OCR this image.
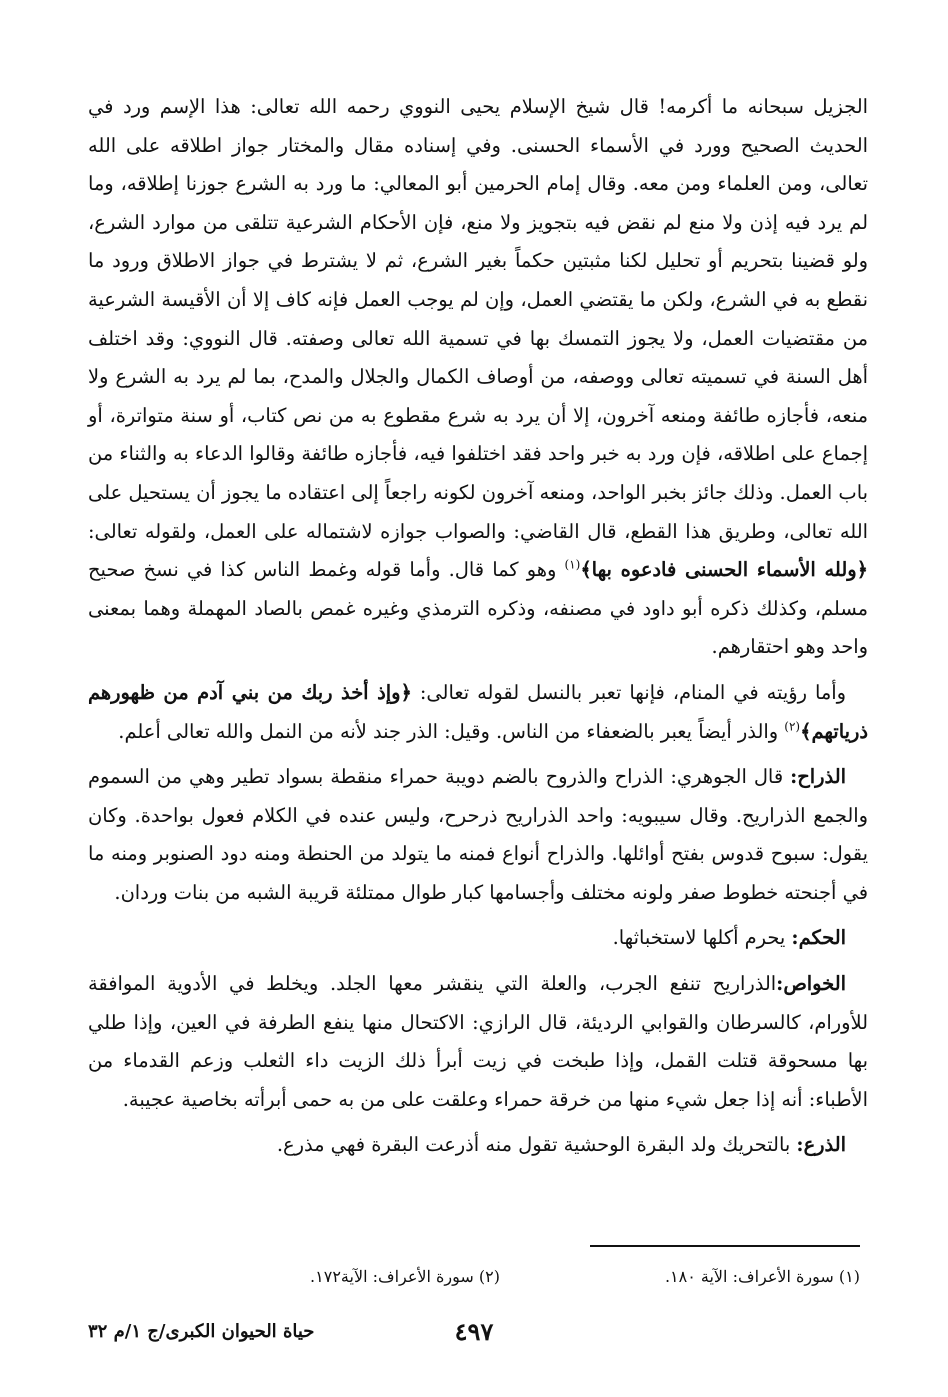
الجزيل سبحانه ما أكرمه! قال شيخ الإسلام يحيى النووي رحمه الله تعالى: هذا الإسم ورد في الحديث الصحيح وورد في الأسماء الحسنى. وفي إسناده مقال والمختار جواز اطلاقه على الله تعالى، ومن العلماء ومن معه. وقال إمام الحرمين أبو المعالي: ما ورد به الشرع جوزنا إطلاقه، وما لم يرد فيه إذن ولا منع لم نقض فيه بتجويز ولا منع، فإن الأحكام الشرعية تتلقى من موارد الشرع، ولو قضينا بتحريم أو تحليل لكنا مثبتين حكماً بغير الشرع، ثم لا يشترط في جواز الاطلاق ورود ما نقطع به في الشرع، ولكن ما يقتضي العمل، وإن لم يوجب العمل فإنه كاف إلا أن الأقيسة الشرعية من مقتضيات العمل، ولا يجوز التمسك بها في تسمية الله تعالى وصفته. قال النووي: وقد اختلف أهل السنة في تسميته تعالى ووصفه، من أوصاف الكمال والجلال والمدح، بما لم يرد به الشرع ولا منعه، فأجازه طائفة ومنعه آخرون، إلا أن يرد به شرع مقطوع به من نص كتاب، أو سنة متواترة، أو إجماع على اطلاقه، فإن ورد به خبر واحد فقد اختلفوا فيه، فأجازه طائفة وقالوا الدعاء به والثناء من باب العمل. وذلك جائز بخبر الواحد، ومنعه آخرون لكونه راجعاً إلى اعتقاده ما يجوز أن يستحيل على الله تعالى، وطريق هذا القطع، قال القاضي: والصواب جوازه لاشتماله على العمل، ولقوله تعالى: ﴿ولله الأسماء الحسنى فادعوه بها﴾$^{(١)}$ وهو كما قال. وأما قوله وغمط الناس كذا في نسخ صحيح مسلم، وكذلك ذكره أبو داود في مصنفه، وذكره الترمذي وغيره غمص بالصاد المهملة وهما بمعنى واحد وهو احتقارهم.

وأما رؤيته في المنام، فإنها تعبر بالنسل لقوله تعالى: ﴿وإذ أخذ ربك من بني آدم من ظهورهم ذرياتهم﴾$^{(٢)}$ والذر أيضاً يعبر بالضعفاء من الناس. وقيل: الذر جند لأنه من النمل والله تعالى أعلم.

الذراح: قال الجوهري: الذراح والذروح بالضم دويبة حمراء منقطة بسواد تطير وهي من السموم والجمع الذراريح. وقال سيبويه: واحد الذراريح ذرحرح، وليس عنده في الكلام فعول بواحدة. وكان يقول: سبوح قدوس بفتح أوائلها. والذراح أنواع فمنه ما يتولد من الحنطة ومنه دود الصنوبر ومنه ما في أجنحته خطوط صفر ولونه مختلف وأجسامها كبار طوال ممتلئة قريبة الشبه من بنات وردان.

الحكم: يحرم أكلها لاستخباثها.

الخواص:الذراريح تنفع الجرب، والعلة التي ينقشر معها الجلد. ويخلط في الأدوية الموافقة للأورام، كالسرطان والقوابي الرديئة، قال الرازي: الاكتحال منها ينفع الطرفة في العين، وإذا طلي بها مسحوقة قتلت القمل، وإذا طبخت في زيت أبرأ ذلك الزيت داء الثعلب وزعم القدماء من الأطباء: أنه إذا جعل شيء منها من خرقة حمراء وعلقت على من به حمى أبرأته بخاصية عجيبة.

الذرع: بالتحريك ولد البقرة الوحشية تقول منه أذرعت البقرة فهي مذرع.

(١) سورة الأعراف: الآية ١٨٠.
(٢) سورة الأعراف: الآية١٧٢.
٤٩٧
حياة الحيوان الكبرى/ج ١/م ٣٢
